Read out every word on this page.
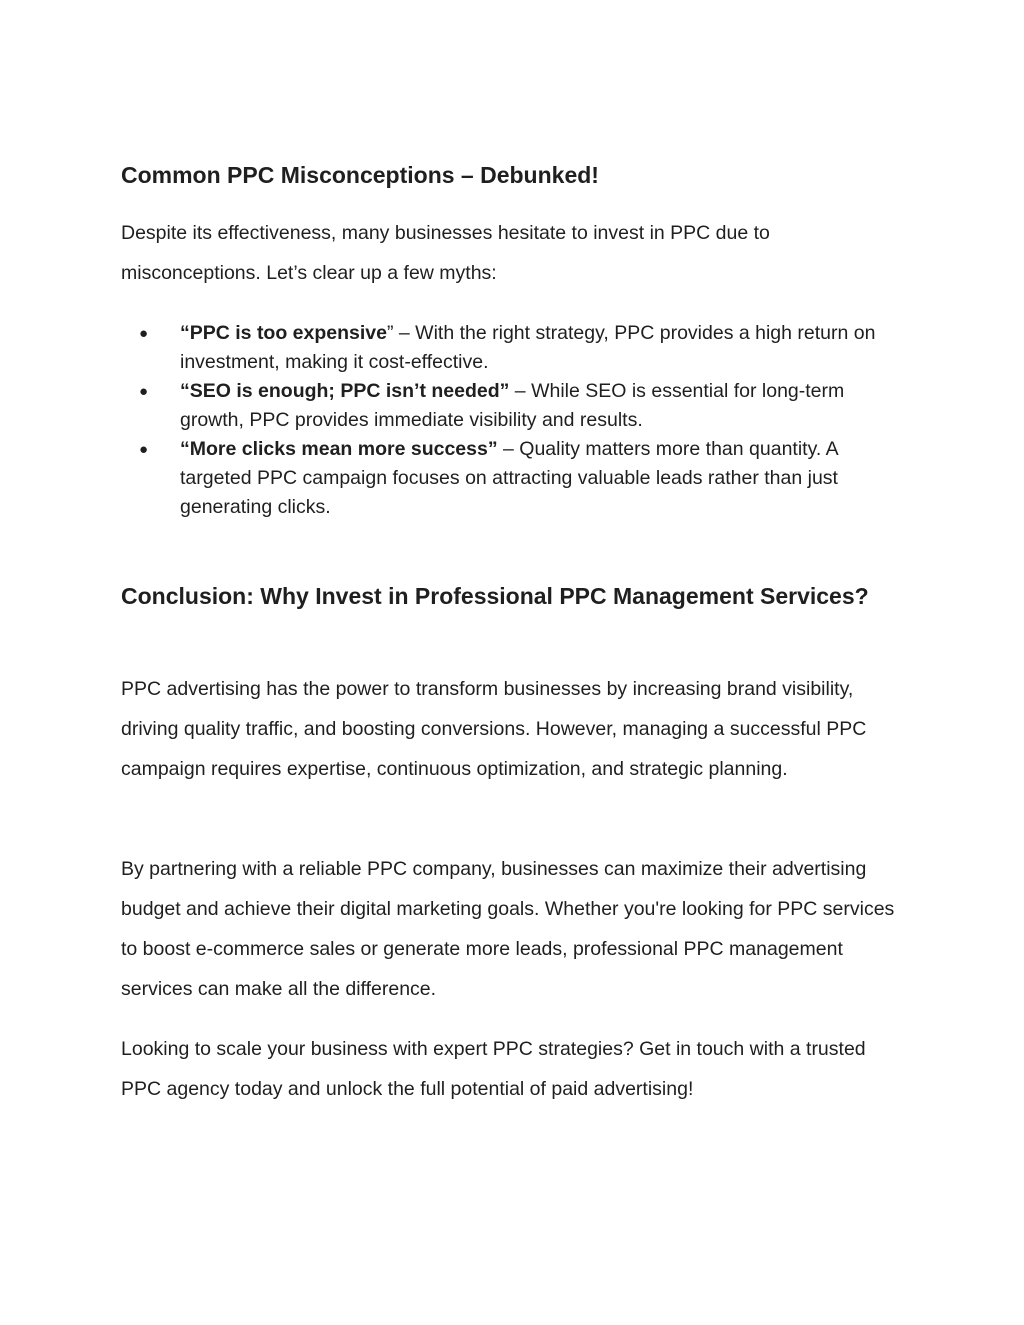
Common PPC Misconceptions – Debunked!

Despite its effectiveness, many businesses hesitate to invest in PPC due to misconceptions. Let’s clear up a few myths:

● “PPC is too expensive” – With the right strategy, PPC provides a high return on investment, making it cost-effective.
● “SEO is enough; PPC isn’t needed” – While SEO is essential for long-term growth, PPC provides immediate visibility and results.
● “More clicks mean more success” – Quality matters more than quantity. A targeted PPC campaign focuses on attracting valuable leads rather than just generating clicks.
Conclusion: Why Invest in Professional PPC Management Services?

PPC advertising has the power to transform businesses by increasing brand visibility, driving quality traffic, and boosting conversions. However, managing a successful PPC campaign requires expertise, continuous optimization, and strategic planning.

By partnering with a reliable PPC company, businesses can maximize their advertising budget and achieve their digital marketing goals. Whether you're looking for PPC services to boost e-commerce sales or generate more leads, professional PPC management services can make all the difference.

Looking to scale your business with expert PPC strategies? Get in touch with a trusted PPC agency today and unlock the full potential of paid advertising!
